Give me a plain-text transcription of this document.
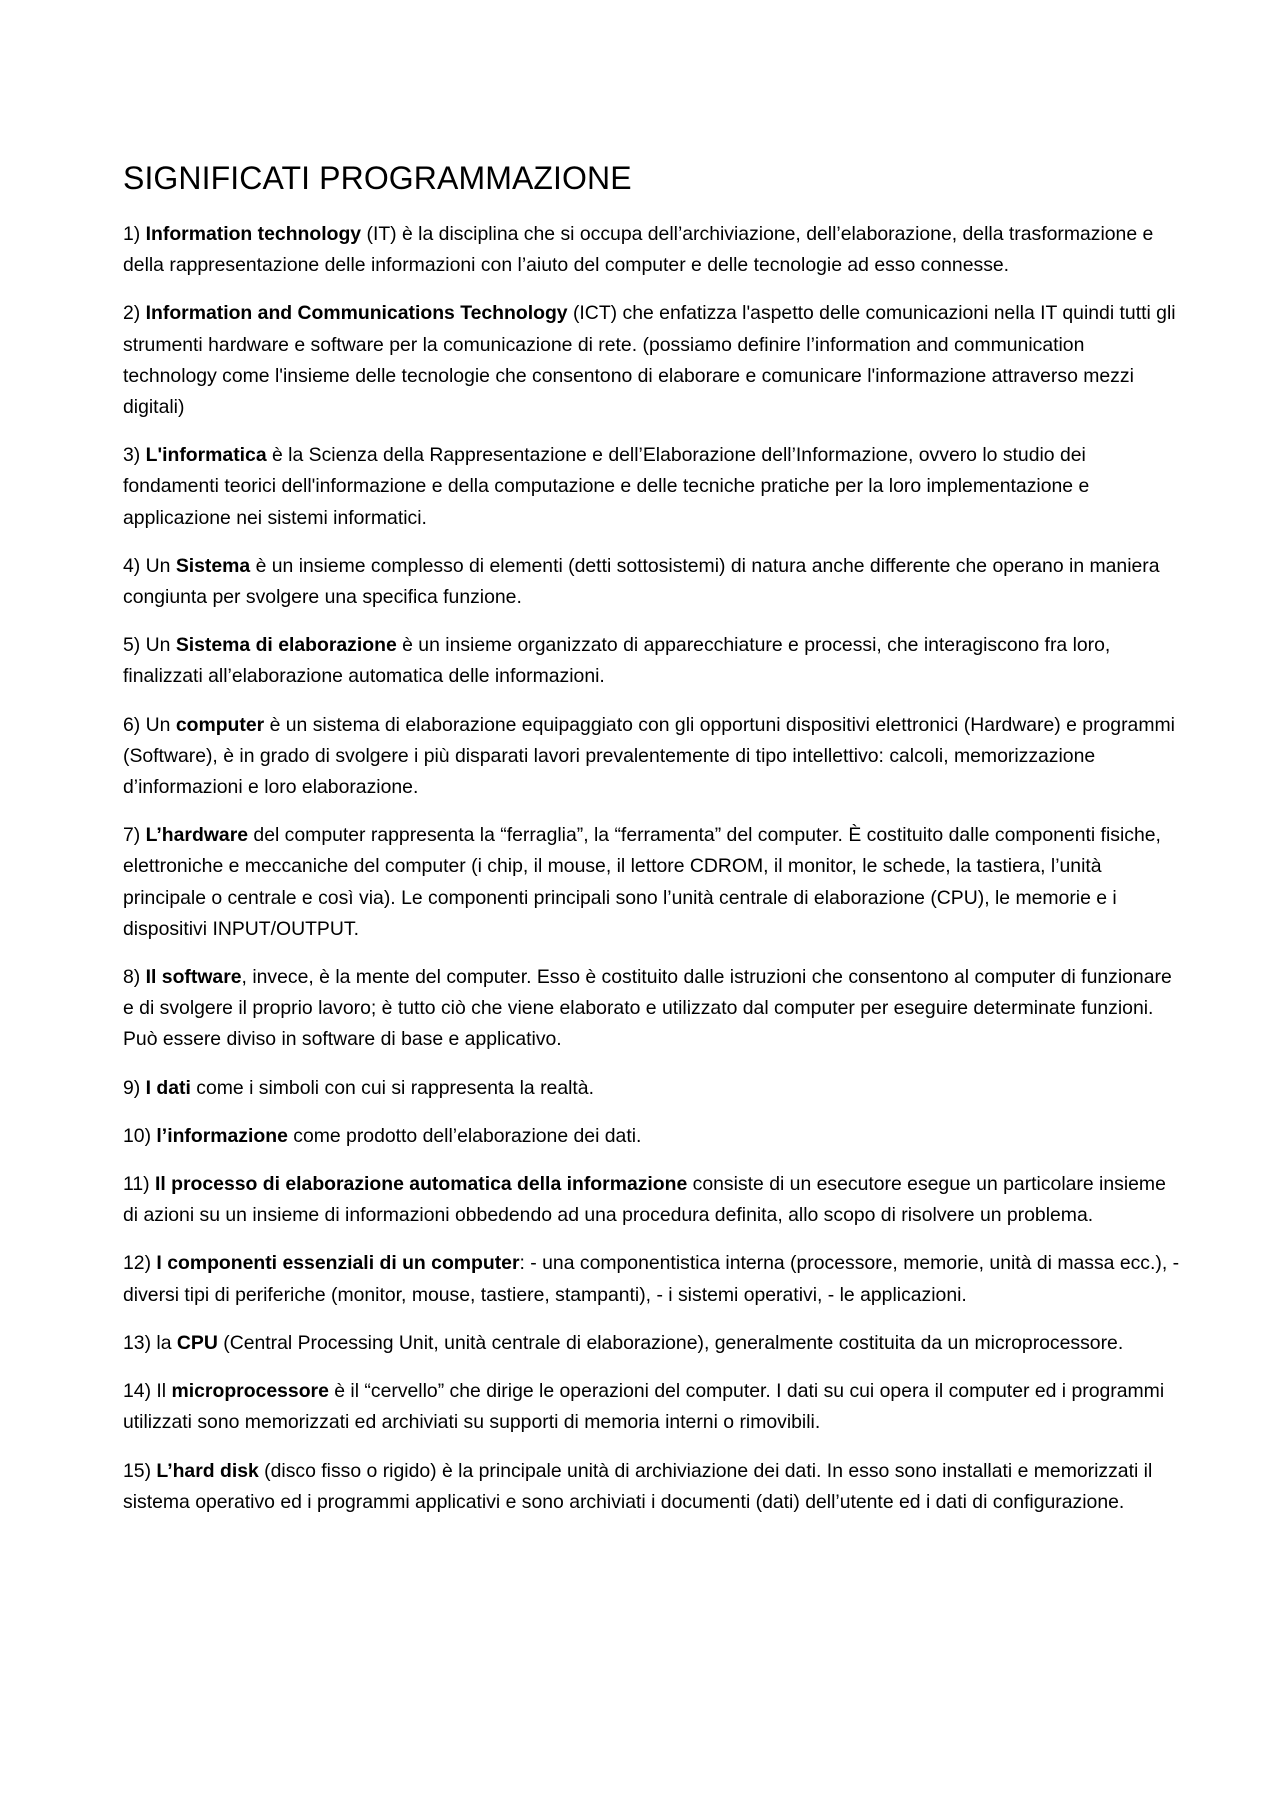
SIGNIFICATI PROGRAMMAZIONE

1) Information technology (IT) è la disciplina che si occupa dell’archiviazione, dell’elaborazione, della trasformazione e della rappresentazione delle informazioni con l’aiuto del computer e delle tecnologie ad esso connesse.

2) Information and Communications Technology (ICT) che enfatizza l'aspetto delle comunicazioni nella IT quindi tutti gli strumenti hardware e software per la comunicazione di rete. (possiamo definire l’information and communication technology come l'insieme delle tecnologie che consentono di elaborare e comunicare l'informazione attraverso mezzi digitali)

3) L'informatica è la Scienza della Rappresentazione e dell’Elaborazione dell’Informazione, ovvero lo studio dei fondamenti teorici dell'informazione e della computazione e delle tecniche pratiche per la loro implementazione e applicazione nei sistemi informatici.

4) Un Sistema è un insieme complesso di elementi (detti sottosistemi) di natura anche differente che operano in maniera congiunta per svolgere una specifica funzione.

5) Un Sistema di elaborazione è un insieme organizzato di apparecchiature e processi, che interagiscono fra loro, finalizzati all’elaborazione automatica delle informazioni.

6) Un computer è un sistema di elaborazione equipaggiato con gli opportuni dispositivi elettronici (Hardware) e programmi (Software), è in grado di svolgere i più disparati lavori prevalentemente di tipo intellettivo: calcoli, memorizzazione d’informazioni e loro elaborazione.

7) L’hardware del computer rappresenta la “ferraglia”, la “ferramenta” del computer. È costituito dalle componenti fisiche, elettroniche e meccaniche del computer (i chip, il mouse, il lettore CDROM, il monitor, le schede, la tastiera, l’unità principale o centrale e così via). Le componenti principali sono l’unità centrale di elaborazione (CPU), le memorie e i dispositivi INPUT/OUTPUT.

8) Il software, invece, è la mente del computer. Esso è costituito dalle istruzioni che consentono al computer di funzionare e di svolgere il proprio lavoro; è tutto ciò che viene elaborato e utilizzato dal computer per eseguire determinate funzioni. Può essere diviso in software di base e applicativo.

9) I dati come i simboli con cui si rappresenta la realtà.

10) l’informazione come prodotto dell’elaborazione dei dati.

11) Il processo di elaborazione automatica della informazione consiste di un esecutore esegue un particolare insieme di azioni su un insieme di informazioni obbedendo ad una procedura definita, allo scopo di risolvere un problema.

12) I componenti essenziali di un computer: - una componentistica interna (processore, memorie, unità di massa ecc.), - diversi tipi di periferiche (monitor, mouse, tastiere, stampanti), - i sistemi operativi, - le applicazioni.

13) la CPU (Central Processing Unit, unità centrale di elaborazione), generalmente costituita da un microprocessore.

14) Il microprocessore è il “cervello” che dirige le operazioni del computer. I dati su cui opera il computer ed i programmi utilizzati sono memorizzati ed archiviati su supporti di memoria interni o rimovibili.

15) L’hard disk (disco fisso o rigido) è la principale unità di archiviazione dei dati. In esso sono installati e memorizzati il sistema operativo ed i programmi applicativi e sono archiviati i documenti (dati) dell’utente ed i dati di configurazione.
